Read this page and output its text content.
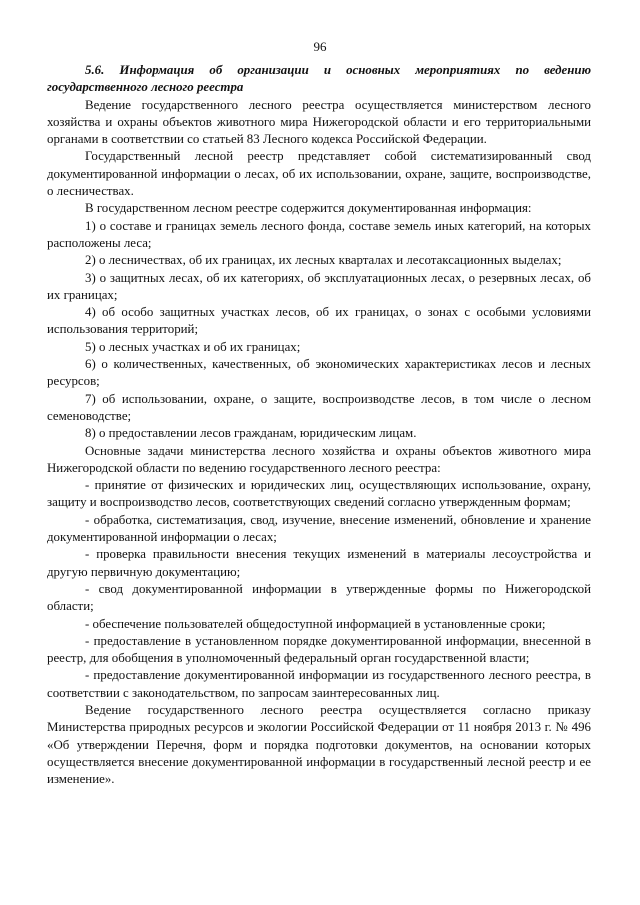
96

5.6. Информация об организации и основных мероприятиях по ведению государственного лесного реестра

Ведение государственного лесного реестра осуществляется министерством лесного хозяйства и охраны объектов животного мира Нижегородской области и его территориальными органами в соответствии со статьей 83 Лесного кодекса Российской Федерации.

Государственный лесной реестр представляет собой систематизированный свод документированной информации о лесах, об их использовании, охране, защите, воспроизводстве, о лесничествах.

В государственном лесном реестре содержится документированная информация:

1) о составе и границах земель лесного фонда, составе земель иных категорий, на которых расположены леса;

2) о лесничествах, об их границах, их лесных кварталах и лесотаксационных выделах;

3) о защитных лесах, об их категориях, об эксплуатационных лесах, о резервных лесах, об их границах;

4) об особо защитных участках лесов, об их границах, о зонах с особыми условиями использования территорий;

5) о лесных участках и об их границах;

6) о количественных, качественных, об экономических характеристиках лесов и лесных ресурсов;

7) об использовании, охране, о защите, воспроизводстве лесов, в том числе о лесном семеноводстве;

8) о предоставлении лесов гражданам, юридическим лицам.

Основные задачи министерства лесного хозяйства и охраны объектов животного мира Нижегородской области по ведению государственного лесного реестра:

- принятие от физических и юридических лиц, осуществляющих использование, охрану, защиту и воспроизводство лесов, соответствующих сведений согласно утвержденным формам;

- обработка, систематизация, свод, изучение, внесение изменений, обновление и хранение документированной информации о лесах;

- проверка правильности внесения текущих изменений в материалы лесоустройства и другую первичную документацию;

- свод документированной информации в утвержденные формы по Нижегородской области;

- обеспечение пользователей общедоступной информацией в установленные сроки;

- предоставление в установленном порядке документированной информации, внесенной в реестр, для обобщения в уполномоченный федеральный орган государственной власти;

- предоставление документированной информации из государственного лесного реестра, в соответствии с законодательством, по запросам заинтересованных лиц.

Ведение государственного лесного реестра осуществляется согласно приказу Министерства природных ресурсов и экологии Российской Федерации от 11 ноября 2013 г. № 496 «Об утверждении Перечня, форм и порядка подготовки документов, на основании которых осуществляется внесение документированной информации в государственный лесной реестр и ее изменение».
